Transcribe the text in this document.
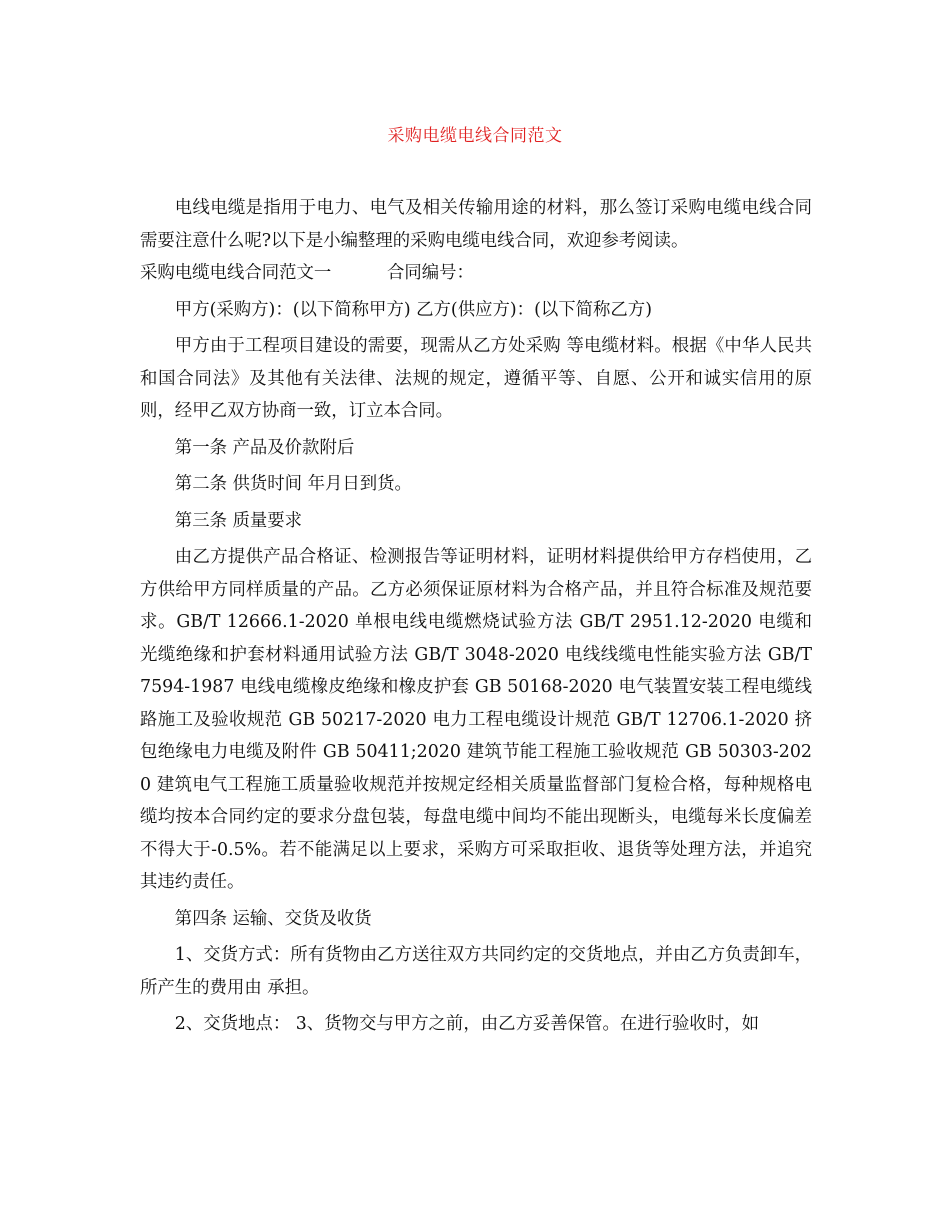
采购电缆电线合同范文

电线电缆是指用于电力、电气及相关传输用途的材料，那么签订采购电缆电线合同需要注意什么呢?以下是小编整理的采购电缆电线合同，欢迎参考阅读。

采购电缆电线合同范文一	合同编号：

甲方(采购方)：(以下简称甲方) 乙方(供应方)：(以下简称乙方)

甲方由于工程项目建设的需要，现需从乙方处采购 等电缆材料。根据《中华人民共和国合同法》及其他有关法律、法规的规定，遵循平等、自愿、公开和诚实信用的原则，经甲乙双方协商一致，订立本合同。

第一条 产品及价款附后

第二条 供货时间 年月日到货。

第三条 质量要求

由乙方提供产品合格证、检测报告等证明材料，证明材料提供给甲方存档使用，乙方供给甲方同样质量的产品。乙方必须保证原材料为合格产品，并且符合标准及规范要求。GB/T 12666.1-2020 单根电线电缆燃烧试验方法 GB/T 2951.12-2020 电缆和光缆绝缘和护套材料通用试验方法 GB/T 3048-2020 电线线缆电性能实验方法 GB/T 7594-1987 电线电缆橡皮绝缘和橡皮护套 GB 50168-2020 电气装置安装工程电缆线路施工及验收规范 GB 50217-2020 电力工程电缆设计规范 GB/T 12706.1-2020 挤包绝缘电力电缆及附件 GB 50411;2020 建筑节能工程施工验收规范 GB 50303-2020 建筑电气工程施工质量验收规范并按规定经相关质量监督部门复检合格，每种规格电缆均按本合同约定的要求分盘包装，每盘电缆中间均不能出现断头，电缆每米长度偏差不得大于-0.5%。若不能满足以上要求，采购方可采取拒收、退货等处理方法，并追究其违约责任。

第四条 运输、交货及收货

1、交货方式：所有货物由乙方送往双方共同约定的交货地点，并由乙方负责卸车，所产生的费用由 承担。

2、交货地点： 3、货物交与甲方之前，由乙方妥善保管。在进行验收时，如
